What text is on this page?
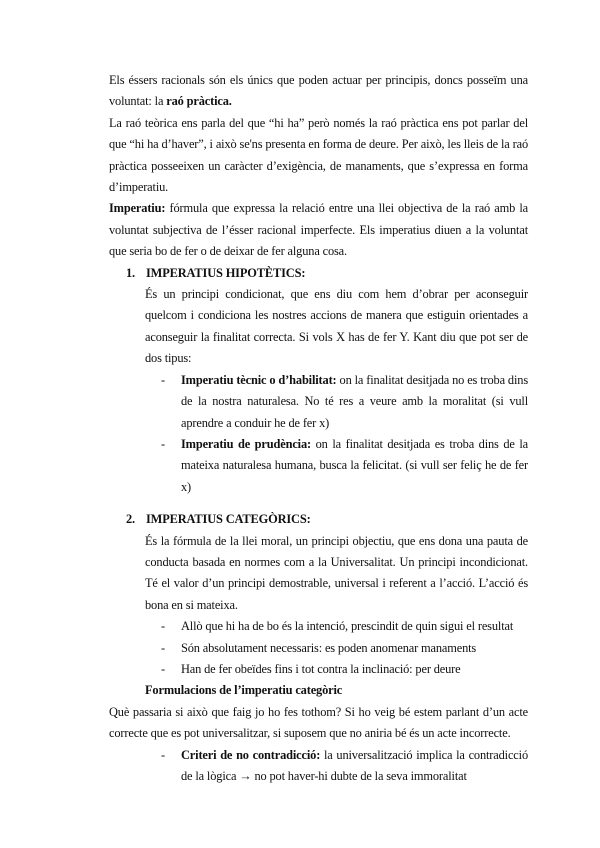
Els éssers racionals són els únics que poden actuar per principis, doncs posseïm una voluntat: la raó pràctica.

La raó teòrica ens parla del que “hi ha” però només la raó pràctica ens pot parlar del que “hi ha d’haver”, i això se'ns presenta en forma de deure. Per això, les lleis de la raó pràctica posseeixen un caràcter d’exigència, de manaments, que s’expressa en forma d’imperatiu.

Imperatiu: fórmula que expressa la relació entre una llei objectiva de la raó amb la voluntat subjectiva de l’ésser racional imperfecte. Els imperatius diuen a la voluntat que seria bo de fer o de deixar de fer alguna cosa.

1. IMPERATIUS HIPOTÈTICS:

És un principi condicionat, que ens diu com hem d’obrar per aconseguir quelcom i condiciona les nostres accions de manera que estiguin orientades a aconseguir la finalitat correcta. Si vols X has de fer Y. Kant diu que pot ser de dos tipus:

- Imperatiu tècnic o d’habilitat: on la finalitat desitjada no es troba dins de la nostra naturalesa. No té res a veure amb la moralitat (si vull aprendre a conduir he de fer x)
- Imperatiu de prudència: on la finalitat desitjada es troba dins de la mateixa naturalesa humana, busca la felicitat. (si vull ser feliç he de fer x)
2. IMPERATIUS CATEGÒRICS:

És la fórmula de la llei moral, un principi objectiu, que ens dona una pauta de conducta basada en normes com a la Universalitat. Un principi incondicionat. Té el valor d’un principi demostrable, universal i referent a l’acció. L’acció és bona en si mateixa.

- Allò que hi ha de bo és la intenció, prescindit de quin sigui el resultat
- Són absolutament necessaris: es poden anomenar manaments
- Han de fer obeïdes fins i tot contra la inclinació: per deure
Formulacions de l’imperatiu categòric

Què passaria si això que faig jo ho fes tothom? Si ho veig bé estem parlant d’un acte correcte que es pot universalitzar, si suposem que no aniria bé és un acte incorrecte.

- Criteri de no contradicció: la universalització implica la contradicció de la lògica → no pot haver-hi dubte de la seva immoralitat
